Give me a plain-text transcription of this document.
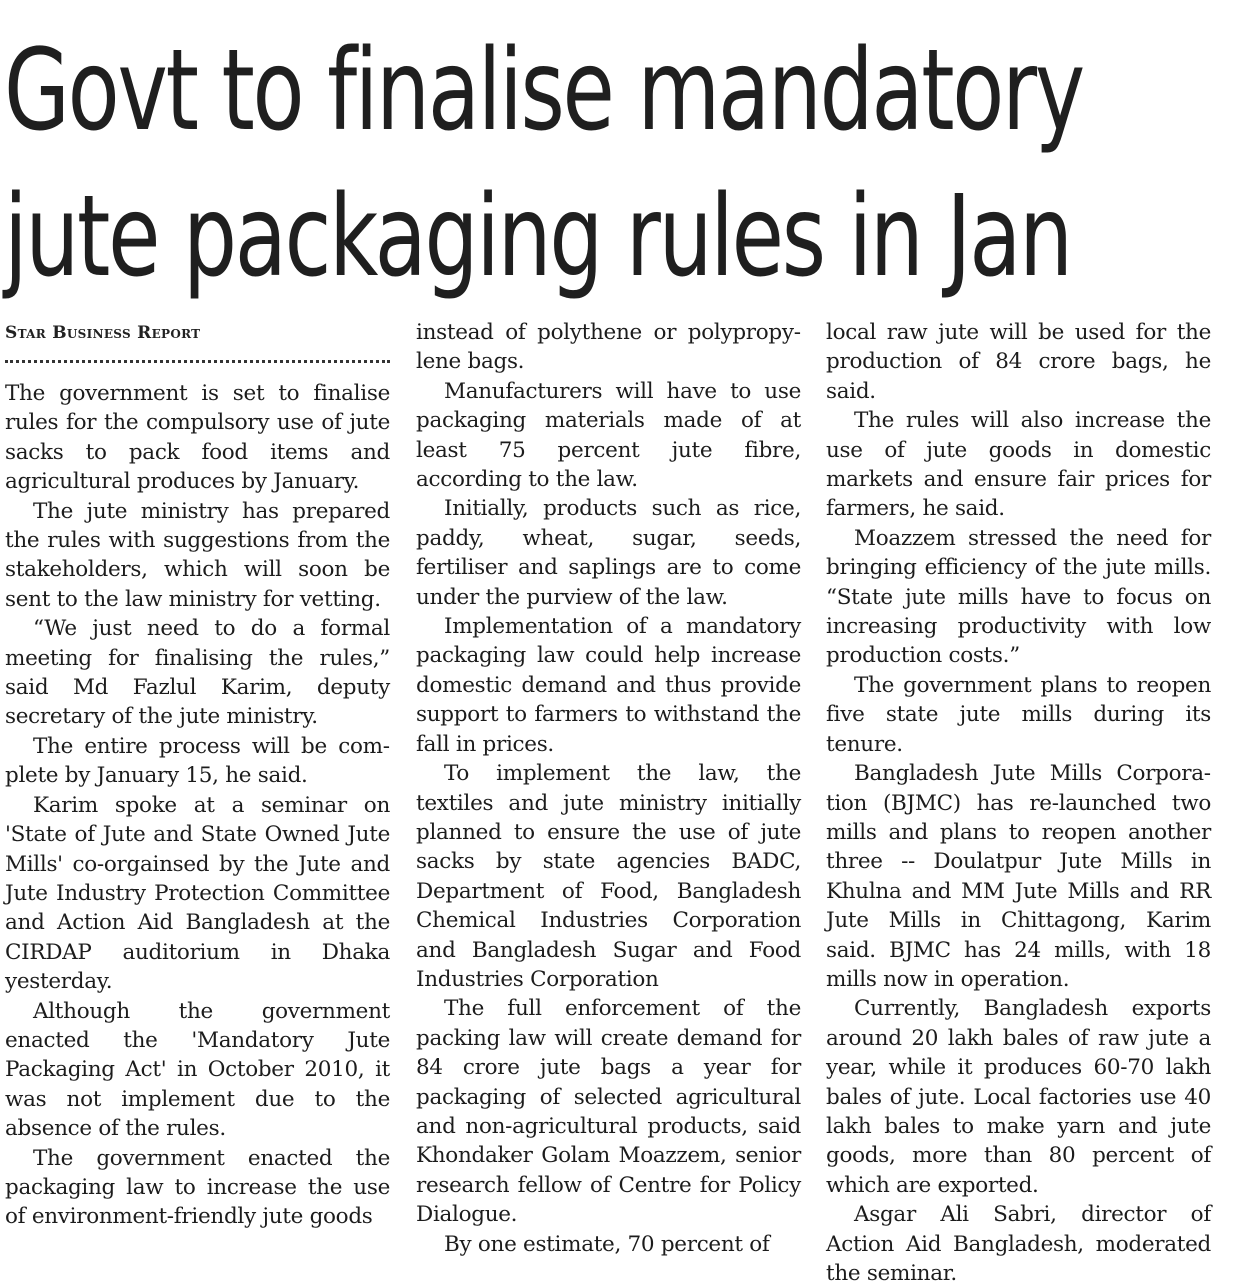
Govt to finalise mandatory
jute packaging rules in Jan
Star Business Report

The government is set to finalise rules for the compulsory use of jute sacks to pack food items and agricultural produces by January.

The jute ministry has prepared the rules with suggestions from the stakeholders, which will soon be sent to the law ministry for vetting.

“We just need to do a formal meeting for finalising the rules,” said Md Fazlul Karim, deputy secretary of the jute ministry.

The entire process will be complete by January 15, he said.

Karim spoke at a seminar on 'State of Jute and State Owned Jute Mills' co-orgainsed by the Jute and Jute Industry Protection Committee and Action Aid Bangladesh at the CIRDAP auditorium in Dhaka yesterday.

Although the government enacted the 'Mandatory Jute Packaging Act' in October 2010, it was not implement due to the absence of the rules.

The government enacted the packaging law to increase the use of environment-friendly jute goods

instead of polythene or polypropylene bags.

Manufacturers will have to use packaging materials made of at least 75 percent jute fibre, according to the law.

Initially, products such as rice, paddy, wheat, sugar, seeds, fertiliser and saplings are to come under the purview of the law.

Implementation of a mandatory packaging law could help increase domestic demand and thus provide support to farmers to withstand the fall in prices.

To implement the law, the textiles and jute ministry initially planned to ensure the use of jute sacks by state agencies BADC, Department of Food, Bangladesh Chemical Industries Corporation and Bangladesh Sugar and Food Industries Corporation

The full enforcement of the packing law will create demand for 84 crore jute bags a year for packaging of selected agricultural and non-agricultural products, said Khondaker Golam Moazzem, senior research fellow of Centre for Policy Dialogue.

By one estimate, 70 percent of

local raw jute will be used for the production of 84 crore bags, he said.

The rules will also increase the use of jute goods in domestic markets and ensure fair prices for farmers, he said.

Moazzem stressed the need for bringing efficiency of the jute mills. “State jute mills have to focus on increasing productivity with low production costs.”

The government plans to reopen five state jute mills during its tenure.

Bangladesh Jute Mills Corporation (BJMC) has re-launched two mills and plans to reopen another three -- Doulatpur Jute Mills in Khulna and MM Jute Mills and RR Jute Mills in Chittagong, Karim said. BJMC has 24 mills, with 18 mills now in operation.

Currently, Bangladesh exports around 20 lakh bales of raw jute a year, while it produces 60-70 lakh bales of jute. Local factories use 40 lakh bales to make yarn and jute goods, more than 80 percent of which are exported.

Asgar Ali Sabri, director of Action Aid Bangladesh, moderated the seminar.
